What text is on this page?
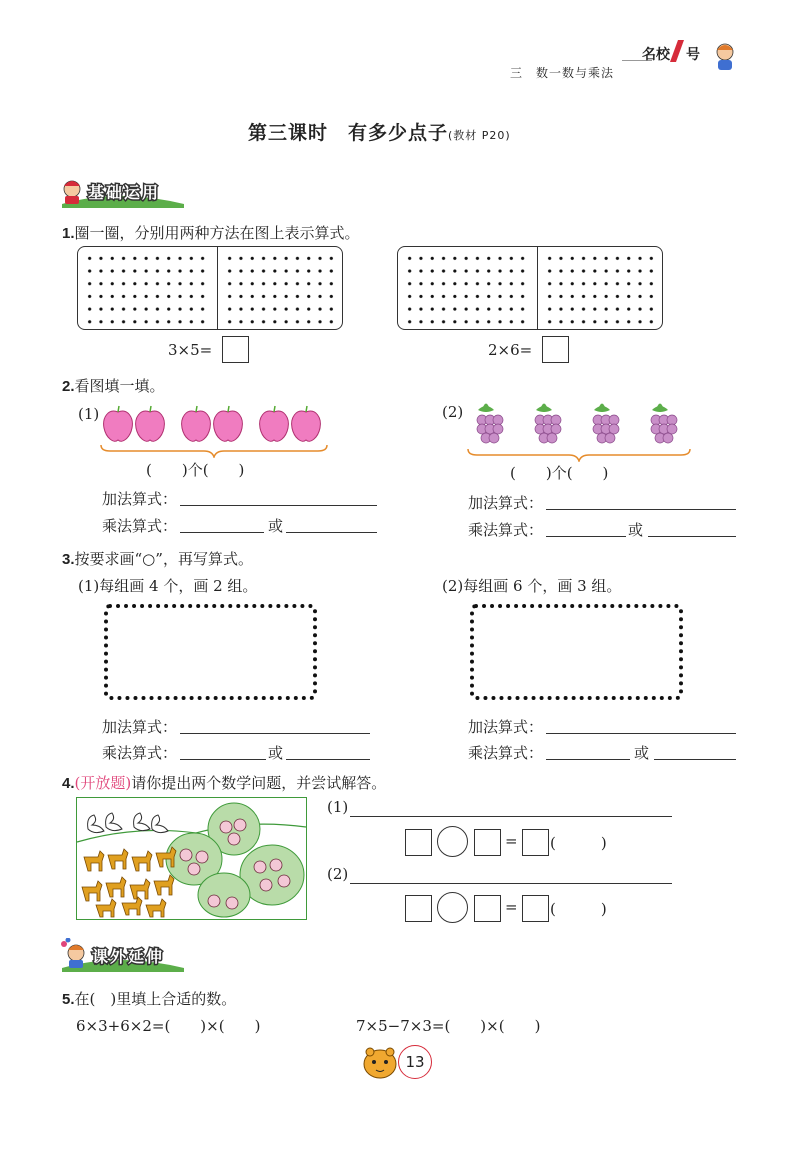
三　数一数与乘法
名校 号
第三课时　有多少点子(教材 P20)
基础运用
1.圈一圈，分别用两种方法在图上表示算式。
3×5=	2×6=
2.看图填一填。
(1)
(　　)个(　　)
加法算式：
乘法算式：	或
(2)
(　　)个(　　)
加法算式：
乘法算式：	或
3.按要求画“○”，再写算式。
(1)每组画 4 个，画 2 组。	(2)每组画 6 个，画 3 组。
加法算式：
乘法算式：	或
加法算式：
乘法算式：	或
4.(开放题)请你提出两个数学问题，并尝试解答。
(1)
= (　　　)
(2)
= (　　　)
课外延伸
5.在(　)里填上合适的数。
6×3+6×2=(　　)×(　　)	7×5−7×3=(　　)×(　　)
13
